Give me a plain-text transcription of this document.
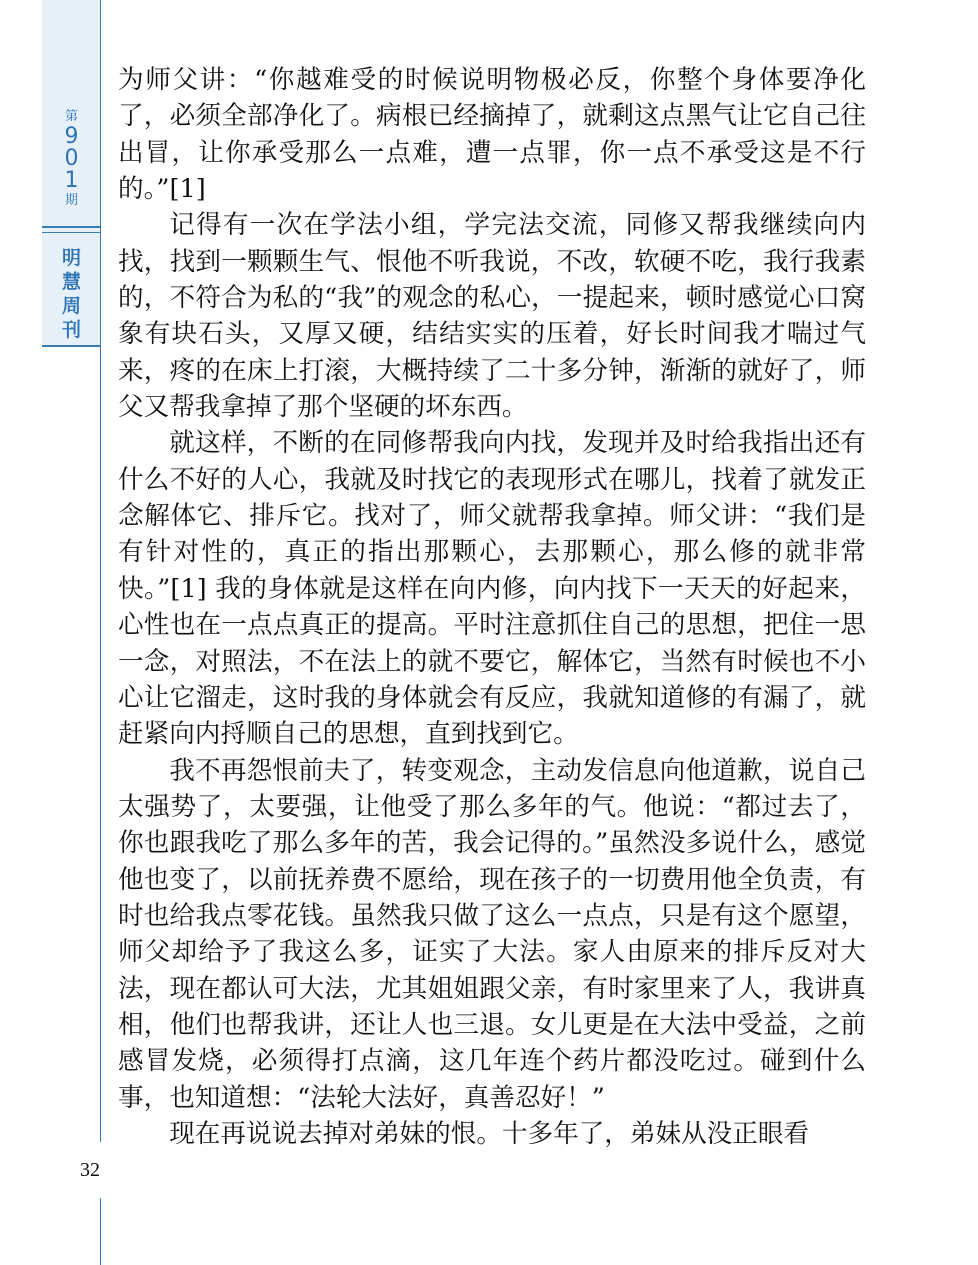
第
9
0
1
期
明
慧
周
刊
32

为师父讲：“你越难受的时候说明物极必反，你整个身体要净化了，必须全部净化了。病根已经摘掉了，就剩这点黑气让它自己往出冒，让你承受那么一点难，遭一点罪，你一点不承受这是不行的。”[1]

记得有一次在学法小组，学完法交流，同修又帮我继续向内找，找到一颗颗生气、恨他不听我说，不改，软硬不吃，我行我素的，不符合为私的“我”的观念的私心，一提起来，顿时感觉心口窝象有块石头，又厚又硬，结结实实的压着，好长时间我才喘过气来，疼的在床上打滚，大概持续了二十多分钟，渐渐的就好了，师父又帮我拿掉了那个坚硬的坏东西。

就这样，不断的在同修帮我向内找，发现并及时给我指出还有什么不好的人心，我就及时找它的表现形式在哪儿，找着了就发正念解体它、排斥它。找对了，师父就帮我拿掉。师父讲：“我们是有针对性的，真正的指出那颗心，去那颗心，那么修的就非常快。”[1] 我的身体就是这样在向内修，向内找下一天天的好起来，心性也在一点点真正的提高。平时注意抓住自己的思想，把住一思一念，对照法，不在法上的就不要它，解体它，当然有时候也不小心让它溜走，这时我的身体就会有反应，我就知道修的有漏了，就赶紧向内捋顺自己的思想，直到找到它。

我不再怨恨前夫了，转变观念，主动发信息向他道歉，说自己太强势了，太要强，让他受了那么多年的气。他说：“都过去了，你也跟我吃了那么多年的苦，我会记得的。”虽然没多说什么，感觉他也变了，以前抚养费不愿给，现在孩子的一切费用他全负责，有时也给我点零花钱。虽然我只做了这么一点点，只是有这个愿望，师父却给予了我这么多，证实了大法。家人由原来的排斥反对大法，现在都认可大法，尤其姐姐跟父亲，有时家里来了人，我讲真相，他们也帮我讲，还让人也三退。女儿更是在大法中受益，之前感冒发烧，必须得打点滴，这几年连个药片都没吃过。碰到什么事，也知道想：“法轮大法好，真善忍好！”

现在再说说去掉对弟妹的恨。十多年了，弟妹从没正眼看
